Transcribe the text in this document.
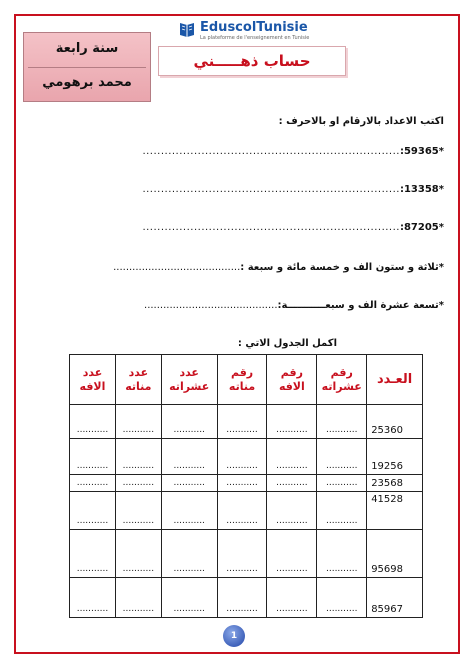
EduscolTunisie
La plateforme de l'enseignement en Tunisie
حساب ذهـــــني
سنة رابعة
محمد برهومي
اكتب الاعداد بالارقام او بالاحرف :
*59365:......................................................................
*13358:......................................................................
*87205:......................................................................
*ثلاثة و ستون الف و خمسة مائة و سبعة :........................................
*تسعة عشرة الف و سبعـــــــــــة:..........................................
اكمل الجدول الاتي :
العـدد	رقم عشراته	رقم الافه	رقم مناته	عدد عشراته	عدد مناته	عدد الافه
25360	...........	...........	...........	...........	...........	...........
19256	...........	...........	...........	...........	...........	...........
23568	...........	...........	...........	...........	...........	...........
41528	...........	...........	...........	...........	...........	...........
95698	...........	...........	...........	...........	...........	...........
85967	...........	...........	...........	...........	...........	...........
1
